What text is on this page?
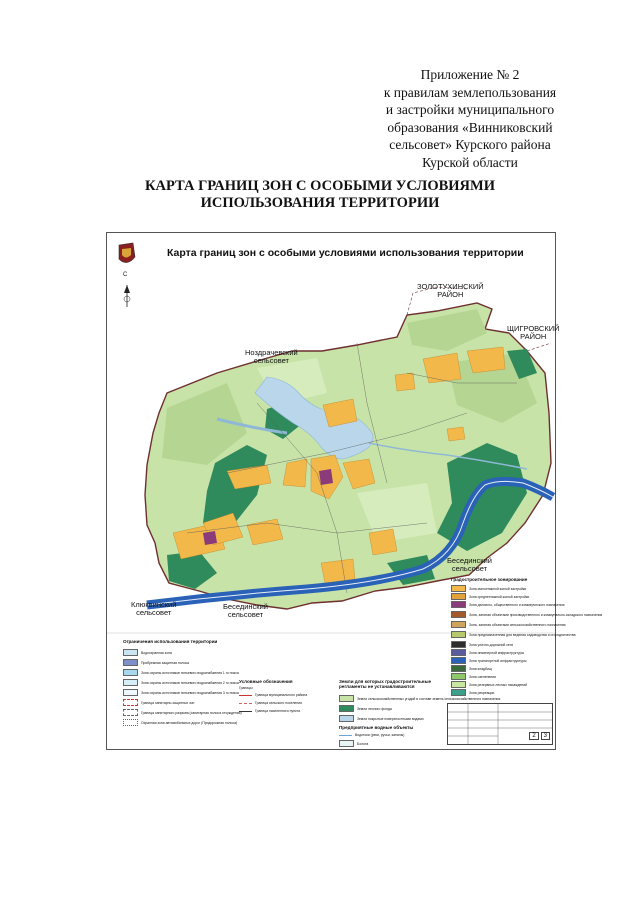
Приложение № 2
к правилам землепользования
и застройки муниципального
образования «Винниковский
сельсовет» Курского района
Курской области
КАРТА ГРАНИЦ ЗОН С ОСОБЫМИ УСЛОВИЯМИ
ИСПОЛЬЗОВАНИЯ ТЕРРИТОРИИ
Карта границ зон с особыми условиями использования территории
С
ЗОЛОТУХИНСКИЙ
РАЙОН
ЩИГРОВСКИЙ
РАЙОН
Ноздрачевский
сельсовет
Бесединский
сельсовет
Бесединский
сельсовет
Клюквинский
сельсовет
Ограничения использования территории
Водоохранная зона
Прибрежная защитная полоса
Зона охраны источников питьевого водоснабжения 1 го пояса
Зона охраны источников питьевого водоснабжения 2 го пояса
Зона охраны источников питьевого водоснабжения 3 го пояса
Граница санитарно-защитных зон
Граница санитарного разрыва (санитарная полоса отчуждения)
Охранная зона автомобильных дорог (Придорожная полоса)
Условные обозначения
Границы
Граница муниципального района
Граница сельского поселения
Граница населенного пункта
Земли для которых градостроительные регламенты не устанавливаются
Земли сельскохозяйственных угодий в составе земель сельскохозяйственного назначения
Земли лесного фонда
Земли покрытые поверхностными водами
Предприятные водные объекты
Водотоки (реки, ручьи, каналы)
Болота
Градостроительное зонирование
Зона малоэтажной жилой застройки
Зона среднеэтажной жилой застройки
Зона делового, общественного и коммерческого назначения
Зона, занятая объектами производственного и коммунально-складского назначения
Зона, занятая объектами сельскохозяйственного назначения
Зона предназначенная для ведения садоводства и огородничества
Зона улично-дорожной сети
Зона инженерной инфраструктуры
Зона транспортной инфраструктуры
Зона кладбищ
Зона озеленения
Зона резервных лесных насаждений
Зона рекреации
2	3
